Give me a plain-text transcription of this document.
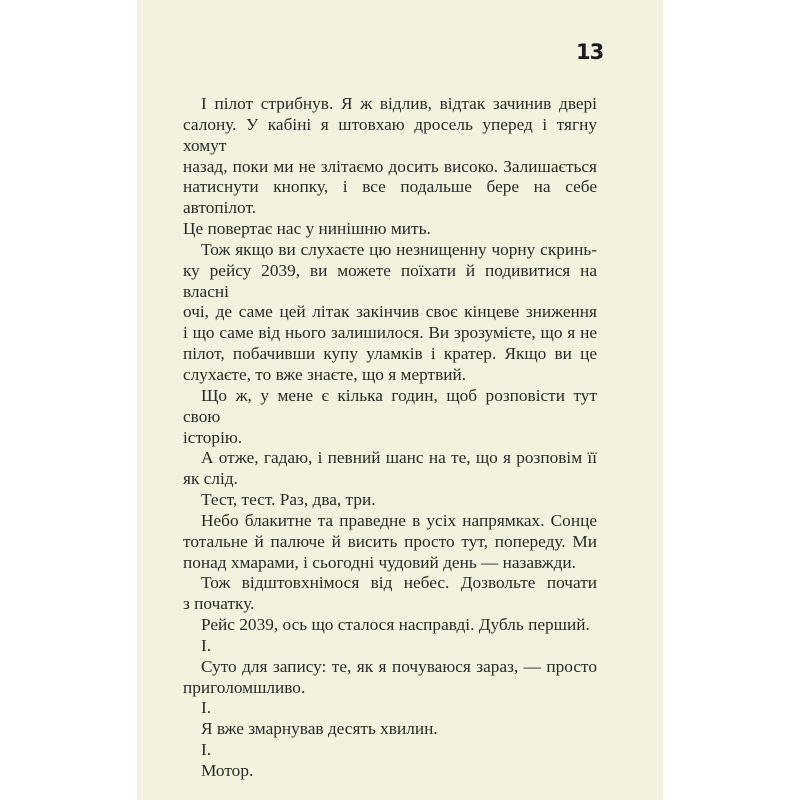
13
І пілот стрибнув. Я ж відлив, відтак зачинив двері
салону. У кабіні я штовхаю дросель уперед і тягну хомут
назад, поки ми не злітаємо досить високо. Залишається
натиснути кнопку, і все подальше бере на себе автопілот.
Це повертає нас у нинішню мить.
Тож якщо ви слухаєте цю незнищенну чорну скринь-
ку рейсу 2039, ви можете поїхати й подивитися на власні
очі, де саме цей літак закінчив своє кінцеве зниження
і що саме від нього залишилося. Ви зрозумієте, що я не
пілот, побачивши купу уламків і кратер. Якщо ви це
слухаєте, то вже знаєте, що я мертвий.
Що ж, у мене є кілька годин, щоб розповісти тут свою
історію.
А отже, гадаю, і певний шанс на те, що я розповім її
як слід.
Тест, тест. Раз, два, три.
Небо блакитне та праведне в усіх напрямках. Сонце
тотальне й палюче й висить просто тут, попереду. Ми
понад хмарами, і сьогодні чудовий день — назавжди.
Тож відштовхнімося від небес. Дозвольте почати
з початку.
Рейс 2039, ось що сталося насправді. Дубль перший.
І.
Суто для запису: те, як я почуваюся зараз, — просто
приголомшливо.
І.
Я вже змарнував десять хвилин.
І.
Мотор.
